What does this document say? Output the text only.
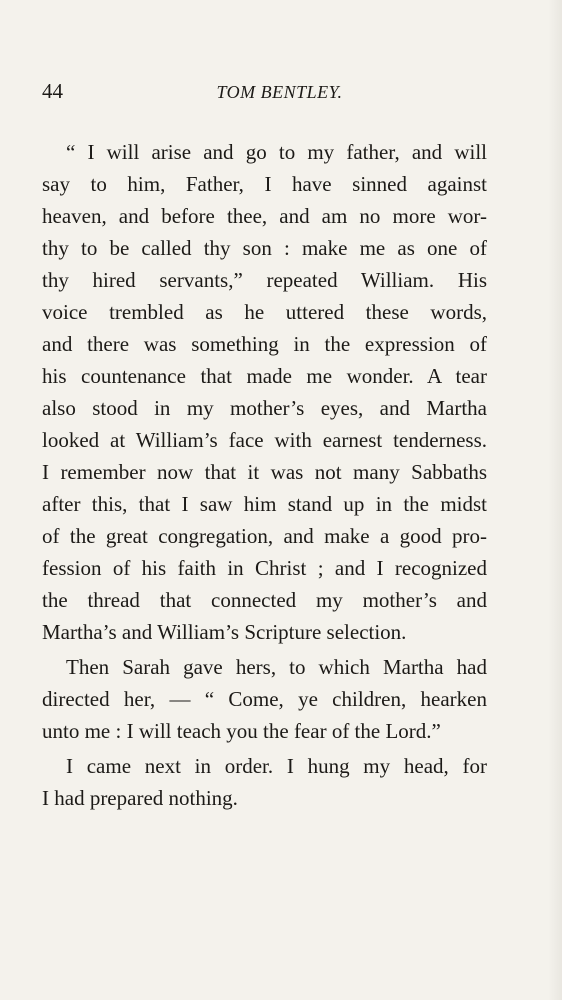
44	TOM BENTLEY.
“ I will arise and go to my father, and will
say to him, Father, I have sinned against
heaven, and before thee, and am no more wor-
thy to be called thy son : make me as one of
thy hired servants,” repeated William. His
voice trembled as he uttered these words,
and there was something in the expression of
his countenance that made me wonder. A tear
also stood in my mother’s eyes, and Martha
looked at William’s face with earnest tenderness.
I remember now that it was not many Sabbaths
after this, that I saw him stand up in the midst
of the great congregation, and make a good pro-
fession of his faith in Christ ; and I recognized
the thread that connected my mother’s and
Martha’s and William’s Scripture selection.
Then Sarah gave hers, to which Martha had
directed her, — “ Come, ye children, hearken
unto me : I will teach you the fear of the Lord.”
I came next in order. I hung my head, for
I had prepared nothing.
